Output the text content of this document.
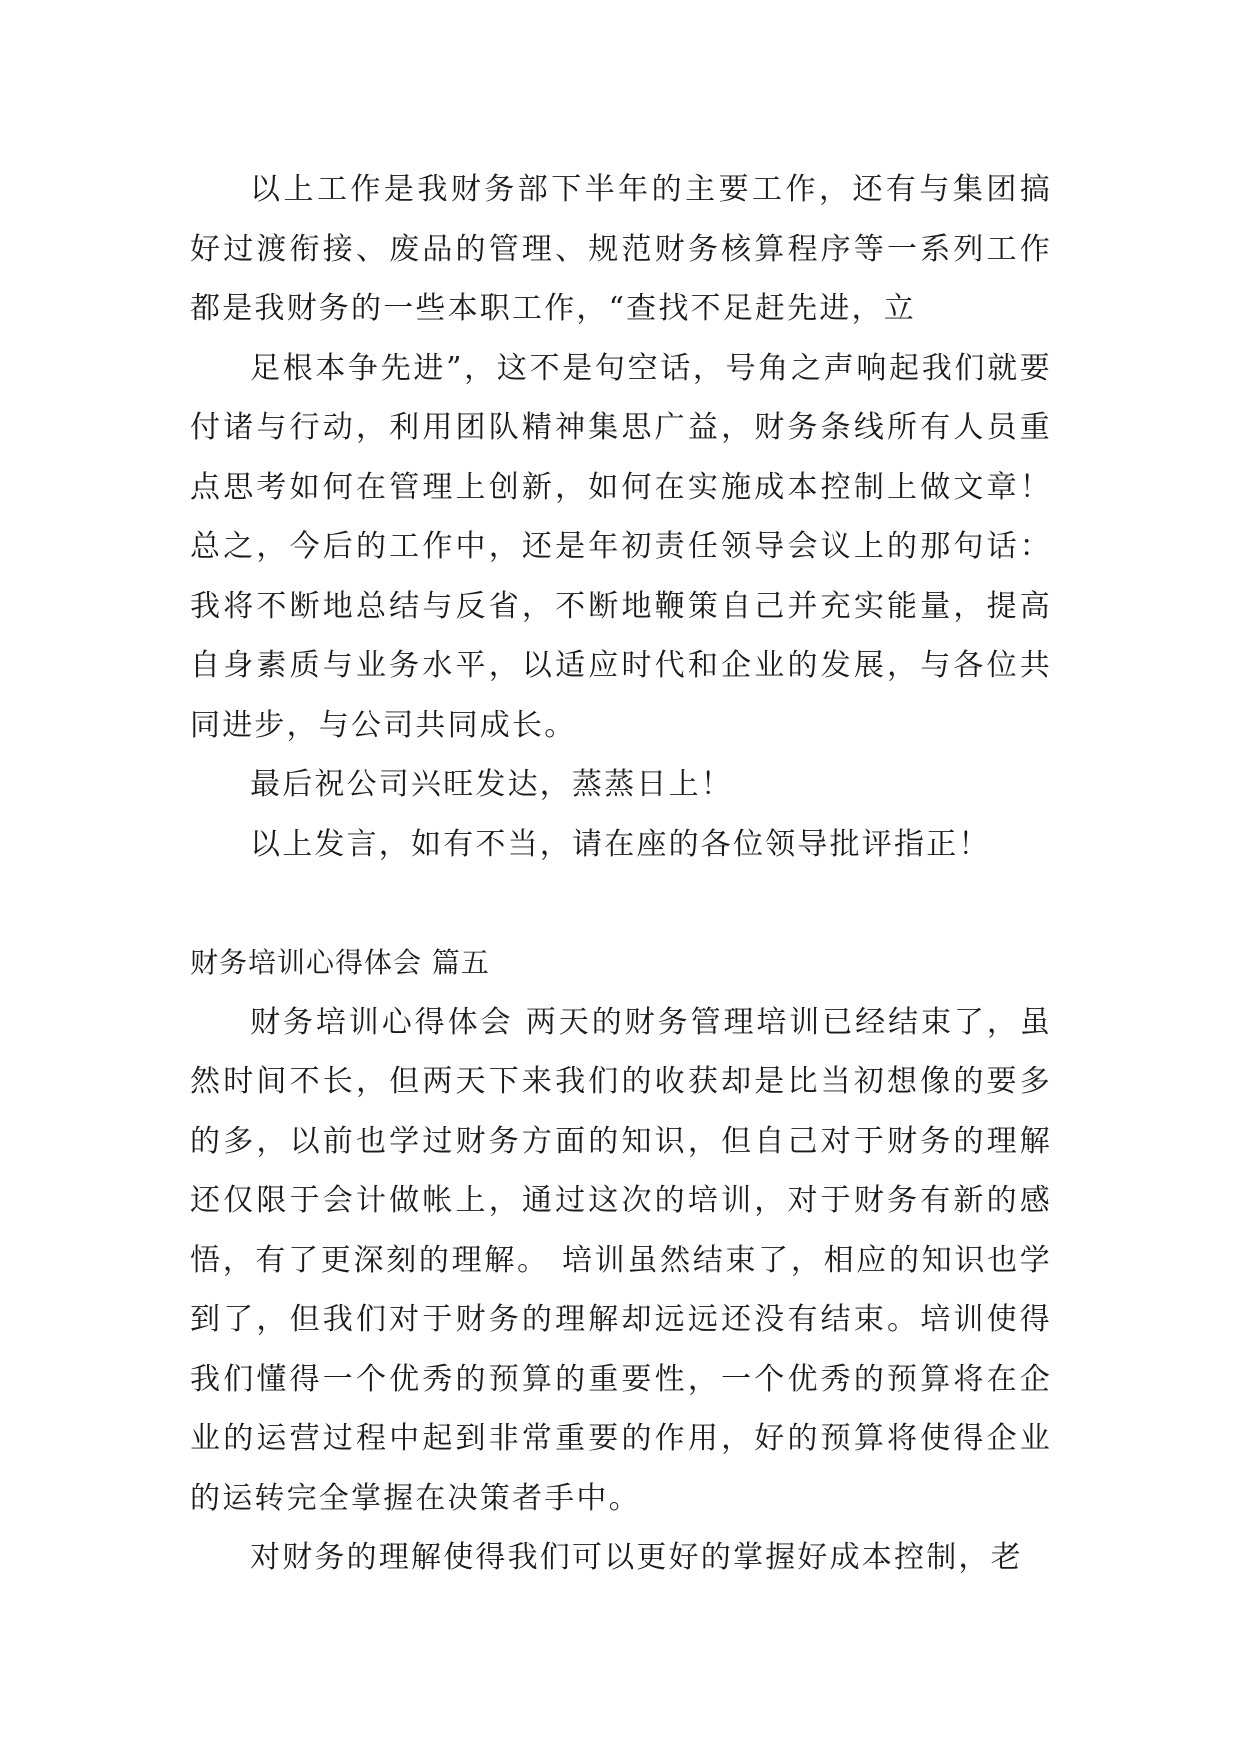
以上工作是我财务部下半年的主要工作，还有与集团搞好过渡衔接、废品的管理、规范财务核算程序等一系列工作都是我财务的一些本职工作，“查找不足赶先进，立

足根本争先进”，这不是句空话，号角之声响起我们就要付诸与行动，利用团队精神集思广益，财务条线所有人员重点思考如何在管理上创新，如何在实施成本控制上做文章！总之，今后的工作中，还是年初责任领导会议上的那句话：我将不断地总结与反省，不断地鞭策自己并充实能量，提高自身素质与业务水平，以适应时代和企业的发展，与各位共同进步，与公司共同成长。

最后祝公司兴旺发达，蒸蒸日上！

以上发言，如有不当，请在座的各位领导批评指正！

财务培训心得体会 篇五

财务培训心得体会 两天的财务管理培训已经结束了，虽然时间不长，但两天下来我们的收获却是比当初想像的要多的多，以前也学过财务方面的知识，但自己对于财务的理解还仅限于会计做帐上，通过这次的培训，对于财务有新的感悟，有了更深刻的理解。 培训虽然结束了，相应的知识也学到了，但我们对于财务的理解却远远还没有结束。培训使得我们懂得一个优秀的预算的重要性，一个优秀的预算将在企业的运营过程中起到非常重要的作用，好的预算将使得企业的运转完全掌握在决策者手中。

对财务的理解使得我们可以更好的掌握好成本控制，老
